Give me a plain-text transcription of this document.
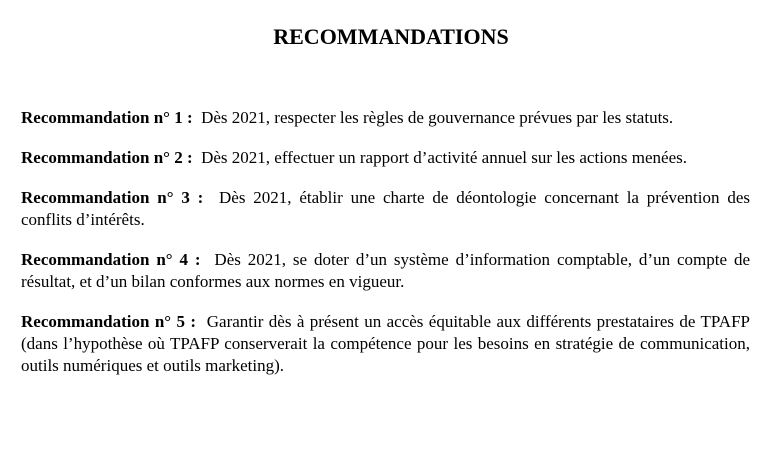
RECOMMANDATIONS
Recommandation n° 1 : Dès 2021, respecter les règles de gouvernance prévues par les statuts.
Recommandation n° 2 : Dès 2021, effectuer un rapport d’activité annuel sur les actions menées.
Recommandation n° 3 : Dès 2021, établir une charte de déontologie concernant la prévention des conflits d’intérêts.
Recommandation n° 4 : Dès 2021, se doter d’un système d’information comptable, d’un compte de résultat, et d’un bilan conformes aux normes en vigueur.
Recommandation n° 5 : Garantir dès à présent un accès équitable aux différents prestataires de TPAFP (dans l’hypothèse où TPAFP conserverait la compétence pour les besoins en stratégie de communication, outils numériques et outils marketing).
